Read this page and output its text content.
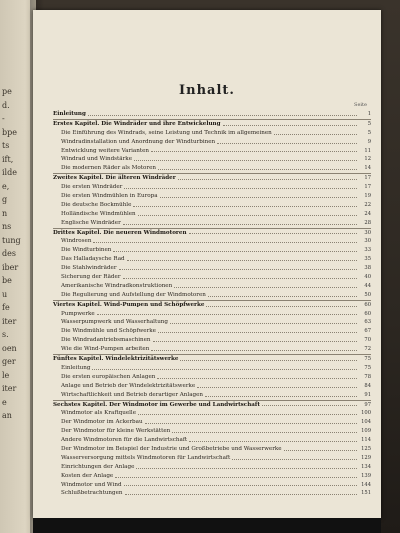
pe
d.
-
bpe
ts
ift,
ilde
e,
g
n
ns
tung
des
iber
be
u
fe
iter
s.
oen
ger
le
iter
e
an
Inhalt.
Seite
Einleitung	1
Erstes Kapitel. Die Windräder und ihre Entwickelung	5
Die Einführung des Windrads, seine Leistung und Technik im allgemeinen	5
Windradinstallation und Anordnung der Windturbinen	9
Entwicklung weitere Varianten	11
Windrad und Windstärke	12
Die modernen Räder als Motoren	14
Zweites Kapitel. Die älteren Windräder	17
Die ersten Windräder	17
Die ersten Windmühlen in Europa	19
Die deutsche Bockmühle	22
Holländische Windmühlen	24
Englische Windräder	28
Drittes Kapitel. Die neueren Windmotoren	30
Windrosen	30
Die Windturbinen	33
Das Halladaysche Rad	35
Die Stahlwindräder	38
Sicherung der Räder	40
Amerikanische Windradkonstruktionen	44
Die Regulierung und Aufstellung der Windmotoren	50
Viertes Kapitel. Wind-Pumpen und Schöpfwerke	60
Pumpwerke	60
Wasserpumpwerk und Wasserhaltung	63
Die Windmühle und Schöpfwerke	67
Die Windradantriebsmaschinen	70
Wie die Wind-Pumpen arbeiten	72
Fünftes Kapitel. Windelektrizitätswerke	75
Einleitung	75
Die ersten europäischen Anlagen	78
Anlage und Betrieb der Windelektrizitätswerke	84
Wirtschaftlichkeit und Betrieb derartiger Anlagen	91
Sechstes Kapitel. Der Windmotor im Gewerbe und Landwirtschaft	97
Windmotor als Kraftquelle	100
Der Windmotor im Ackerbau	104
Der Windmotor für kleine Werkstätten	109
Andere Windmotoren für die Landwirtschaft	114
Der Windmotor im Beispiel der Industrie und Großbetriebe und Wasserwerke	125
Wasserversorgung mittels Windmotoren für Landwirtschaft	129
Einrichtungen der Anlage	134
Kosten der Anlage	139
Windmotor und Wind	144
Schlußbetrachtungen	151
